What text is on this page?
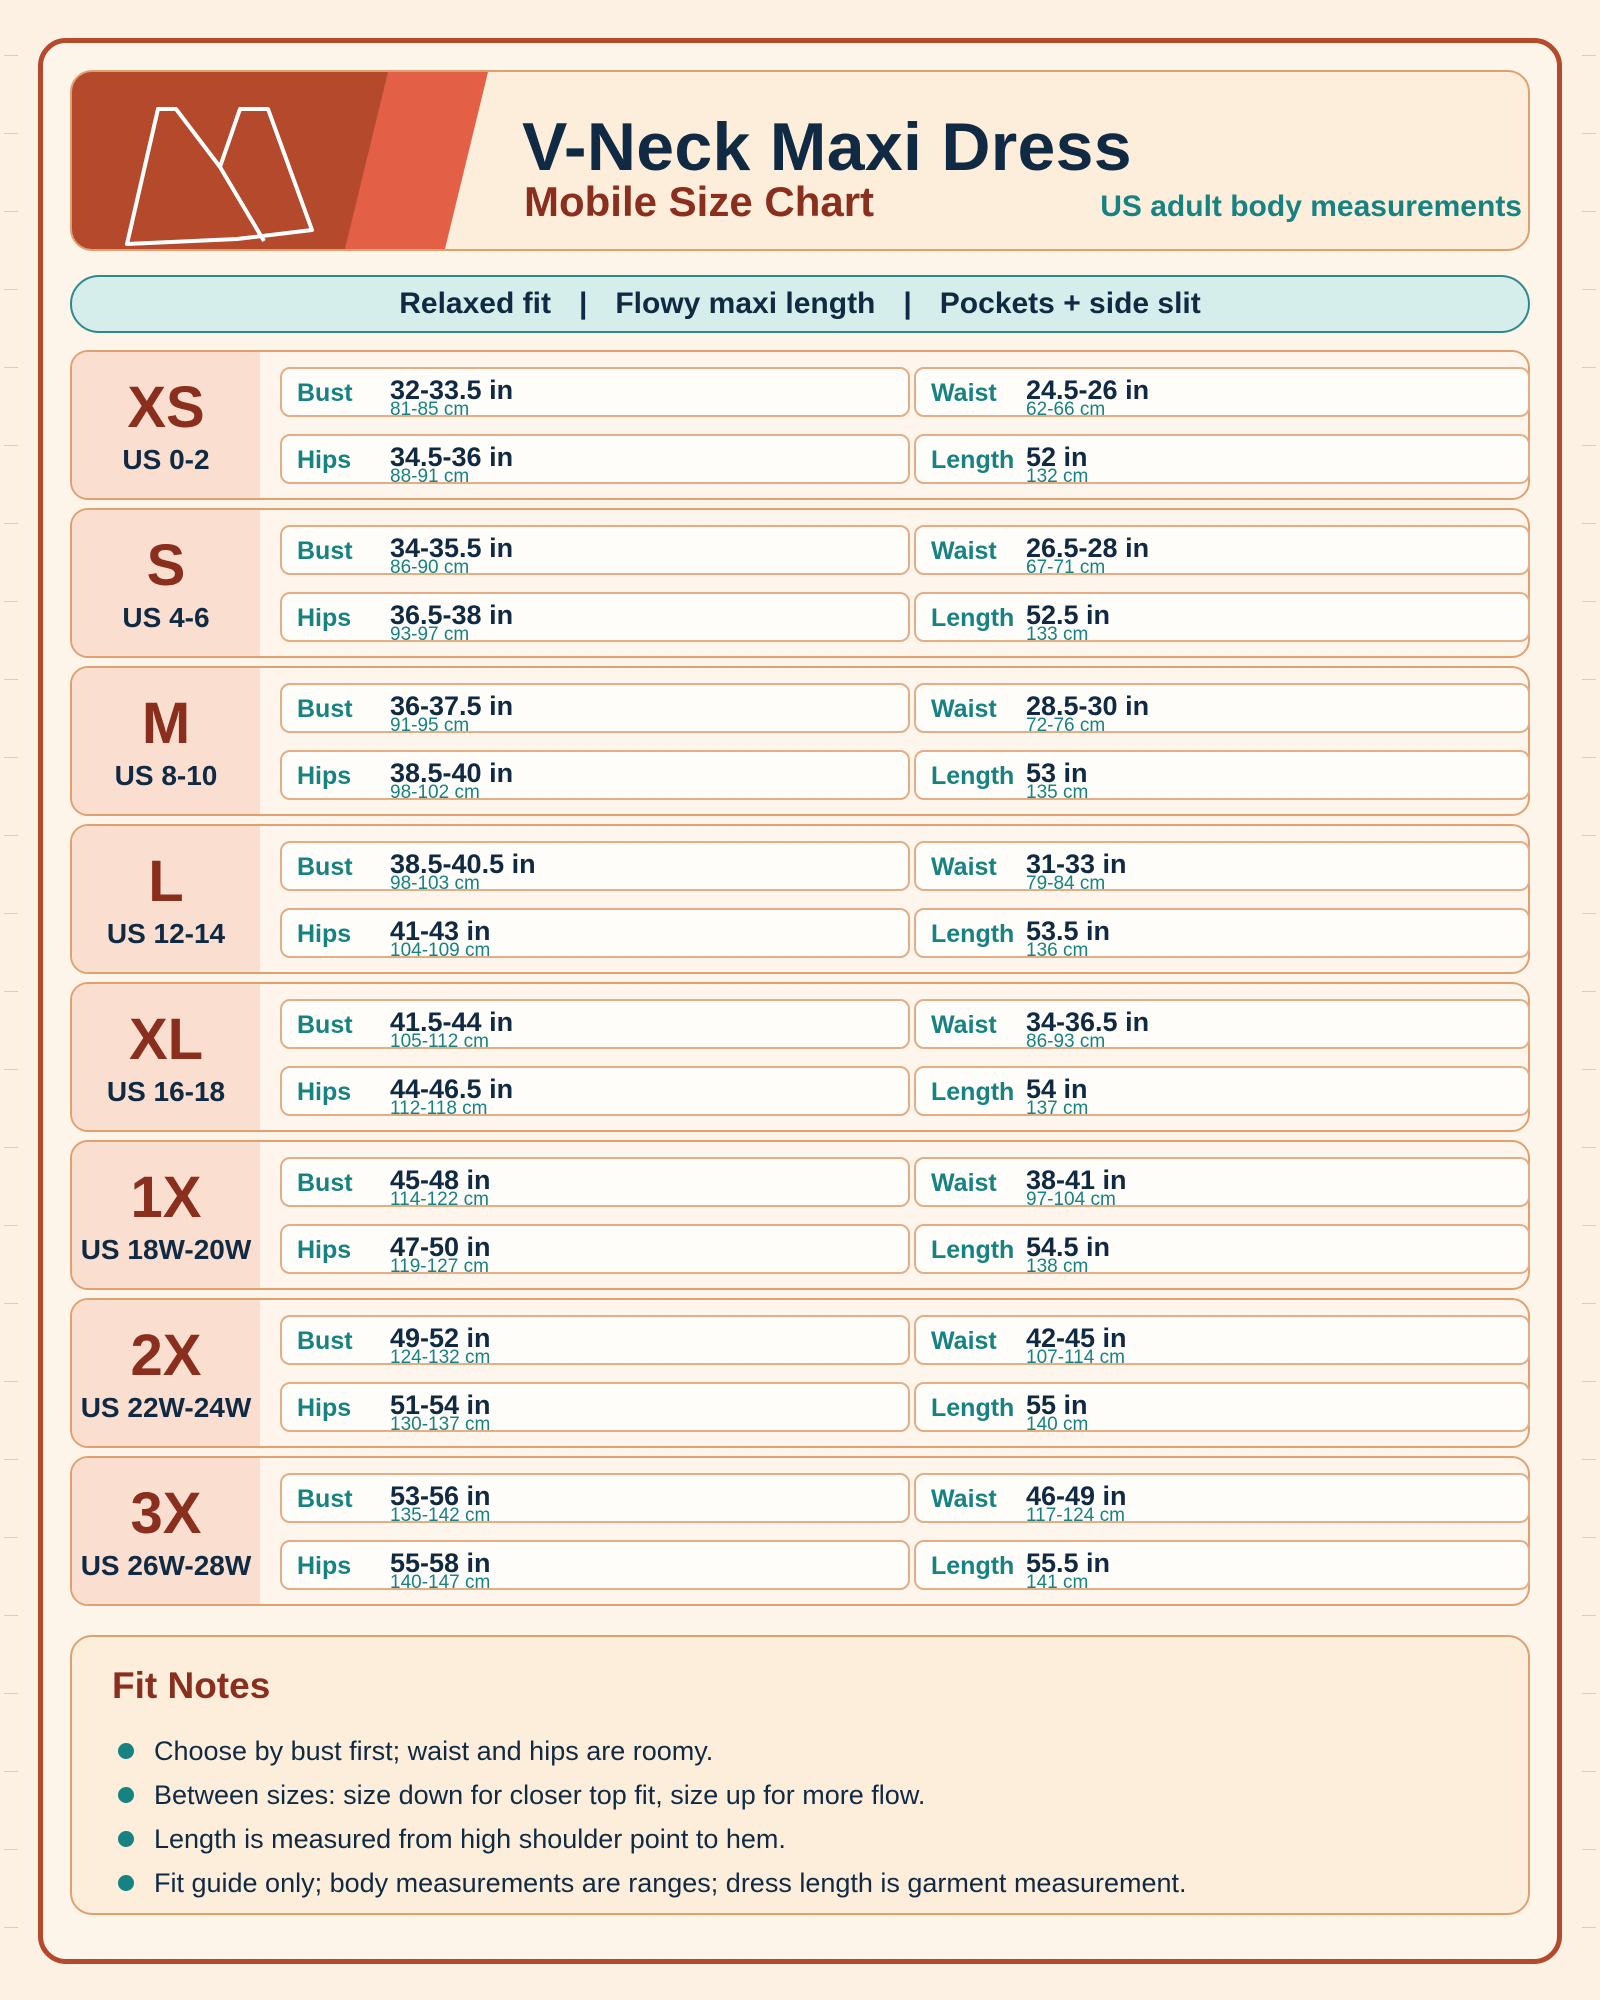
V-Neck Maxi Dress
Mobile Size Chart	US adult body measurements
Relaxed fit | Flowy maxi length | Pockets + side slit
XS
US 0-2
Bust 32-33.5 in
81-85 cm
Waist 24.5-26 in
62-66 cm
Hips 34.5-36 in
88-91 cm
Length 52 in
132 cm
S
US 4-6
Bust 34-35.5 in
86-90 cm
Waist 26.5-28 in
67-71 cm
Hips 36.5-38 in
93-97 cm
Length 52.5 in
133 cm
M
US 8-10
Bust 36-37.5 in
91-95 cm
Waist 28.5-30 in
72-76 cm
Hips 38.5-40 in
98-102 cm
Length 53 in
135 cm
L
US 12-14
Bust 38.5-40.5 in
98-103 cm
Waist 31-33 in
79-84 cm
Hips 41-43 in
104-109 cm
Length 53.5 in
136 cm
XL
US 16-18
Bust 41.5-44 in
105-112 cm
Waist 34-36.5 in
86-93 cm
Hips 44-46.5 in
112-118 cm
Length 54 in
137 cm
1X
US 18W-20W
Bust 45-48 in
114-122 cm
Waist 38-41 in
97-104 cm
Hips 47-50 in
119-127 cm
Length 54.5 in
138 cm
2X
US 22W-24W
Bust 49-52 in
124-132 cm
Waist 42-45 in
107-114 cm
Hips 51-54 in
130-137 cm
Length 55 in
140 cm
3X
US 26W-28W
Bust 53-56 in
135-142 cm
Waist 46-49 in
117-124 cm
Hips 55-58 in
140-147 cm
Length 55.5 in
141 cm
Fit Notes
Choose by bust first; waist and hips are roomy.
Between sizes: size down for closer top fit, size up for more flow.
Length is measured from high shoulder point to hem.
Fit guide only; body measurements are ranges; dress length is garment measurement.
